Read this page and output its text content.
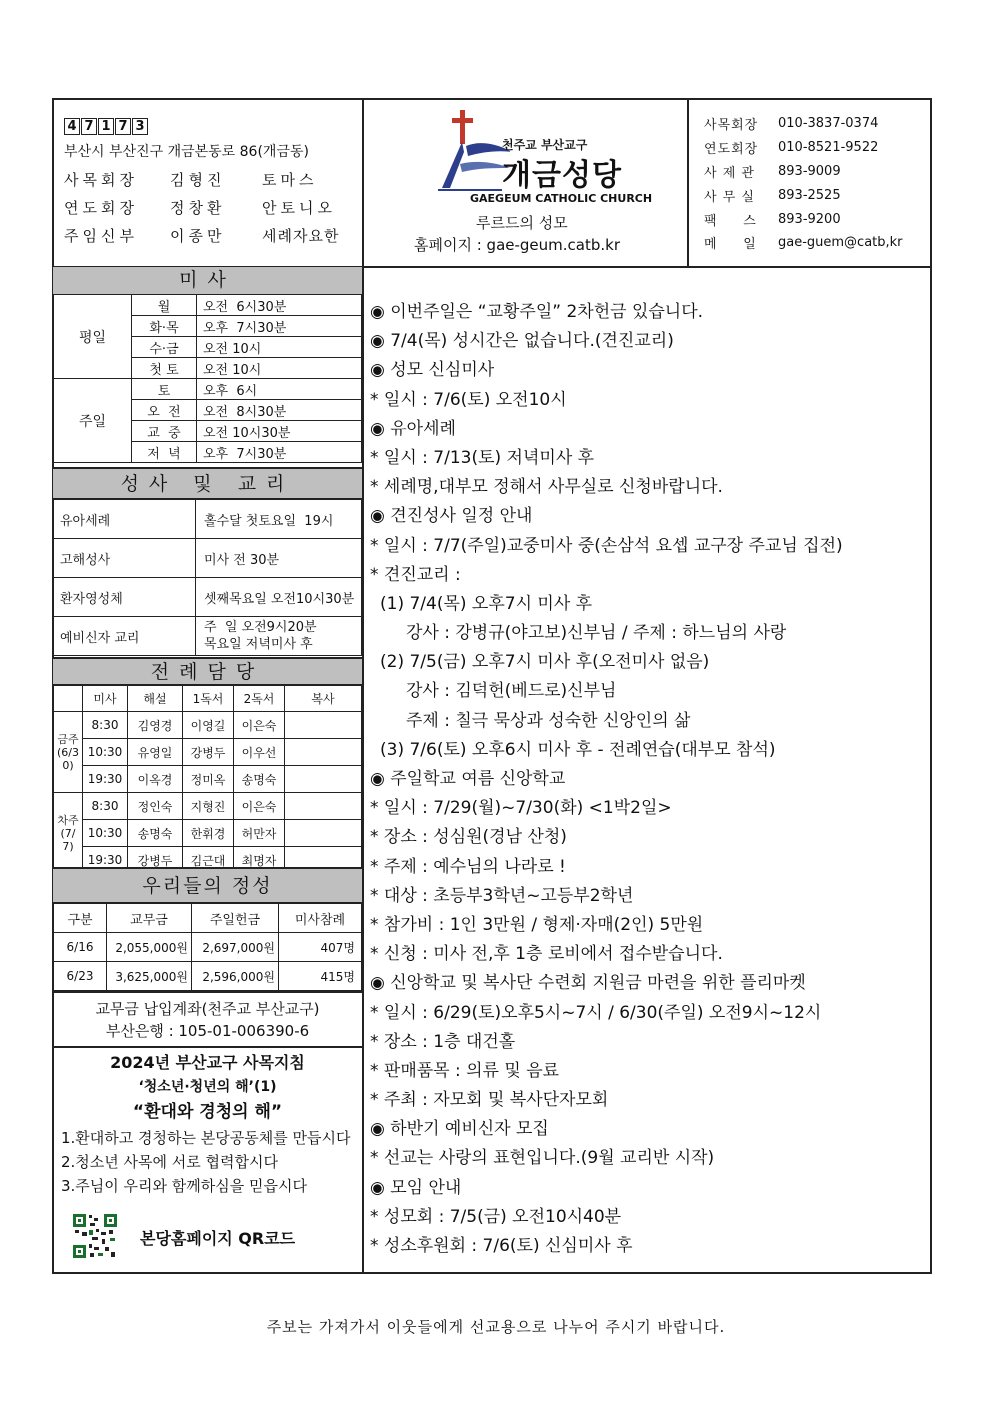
4 7 1 7 3
부산시 부산진구 개금본동로 86(개금동)
사목회장	김형진	토마스
연도회장	정창환	안토니오
주임신부	이종만	세례자요한
천주교 부산교구
개금성당
GAEGEUM CATHOLIC CHURCH
루르드의 성모
홈페이지 : gae-geum.catb.kr
사목회장	010-3837-0374
연도회장	010-8521-9522
사 제 관	893-9009
사 무 실	893-2525
팩     스	893-9200
메     일	gae-guem@catb,kr
미사
평일	월	오전  6시30분
	화·목	오후  7시30분
	수·금	오전 10시
	첫 토	오전 10시
주일	토	오후  6시
	오  전	오전  8시30분
	교  중	오전 10시30분
	저  녁	오후  7시30분
성사 및 교리
유아세례	홀수달 첫토요일  19시
고해성사	미사 전 30분
환자영성체	셋째목요일 오전10시30분
예비신자 교리	주  일 오전9시20분
목요일 저녁미사 후
전례담당
	미사	해설	1독서	2독서	복사
금주(6/30)	8:30	김영경	이영길	이은숙	
	10:30	유영일	강병두	이우선	
	19:30	이옥경	정미옥	송명숙	
차주(7/7)	8:30	정인숙	지형진	이은숙	
	10:30	송명숙	한휘경	허만자	
	19:30	강병두	김근대	최명자	
우리들의 정성
구분	교무금	주일헌금	미사참례
6/16	2,055,000원	2,697,000원	407명
6/23	3,625,000원	2,596,000원	415명
교무금 납입계좌(천주교 부산교구)
부산은행 : 105-01-006390-6
2024년 부산교구 사목지침
‘청소년·청년의 해’(1)
“환대와 경청의 해”
1.환대하고 경청하는 본당공동체를 만듭시다
2.청소년 사목에 서로 협력합시다
3.주님이 우리와 함께하심을 믿읍시다
본당홈페이지 QR코드
◉ 이번주일은 “교황주일” 2차헌금 있습니다.
◉ 7/4(목) 성시간은 없습니다.(견진교리)
◉ 성모 신심미사
* 일시 : 7/6(토) 오전10시
◉ 유아세례
* 일시 : 7/13(토) 저녁미사 후
* 세례명,대부모 정해서 사무실로 신청바랍니다.
◉ 견진성사 일정 안내
* 일시 : 7/7(주일)교중미사 중(손삼석 요셉 교구장 주교님 집전)
* 견진교리 :
(1) 7/4(목) 오후7시 미사 후
강사 : 강병규(야고보)신부님 / 주제 : 하느님의 사랑
(2) 7/5(금) 오후7시 미사 후(오전미사 없음)
강사 : 김덕헌(베드로)신부님
주제 : 칠극 묵상과 성숙한 신앙인의 삶
(3) 7/6(토) 오후6시 미사 후 - 전례연습(대부모 참석)
◉ 주일학교 여름 신앙학교
* 일시 : 7/29(월)~7/30(화) <1박2일>
* 장소 : 성심원(경남 산청)
* 주제 : 예수님의 나라로 !
* 대상 : 초등부3학년~고등부2학년
* 참가비 : 1인 3만원 / 형제·자매(2인) 5만원
* 신청 : 미사 전,후 1층 로비에서 접수받습니다.
◉ 신앙학교 및 복사단 수련회 지원금 마련을 위한 플리마켓
* 일시 : 6/29(토)오후5시~7시 / 6/30(주일) 오전9시~12시
* 장소 : 1층 대건홀
* 판매품목 : 의류 및 음료
* 주최 : 자모회 및 복사단자모회
◉ 하반기 예비신자 모집
* 선교는 사랑의 표현입니다.(9월 교리반 시작)
◉ 모임 안내
* 성모회 : 7/5(금) 오전10시40분
* 성소후원회 : 7/6(토) 신심미사 후
주보는 가져가서 이웃들에게 선교용으로 나누어 주시기 바랍니다.
